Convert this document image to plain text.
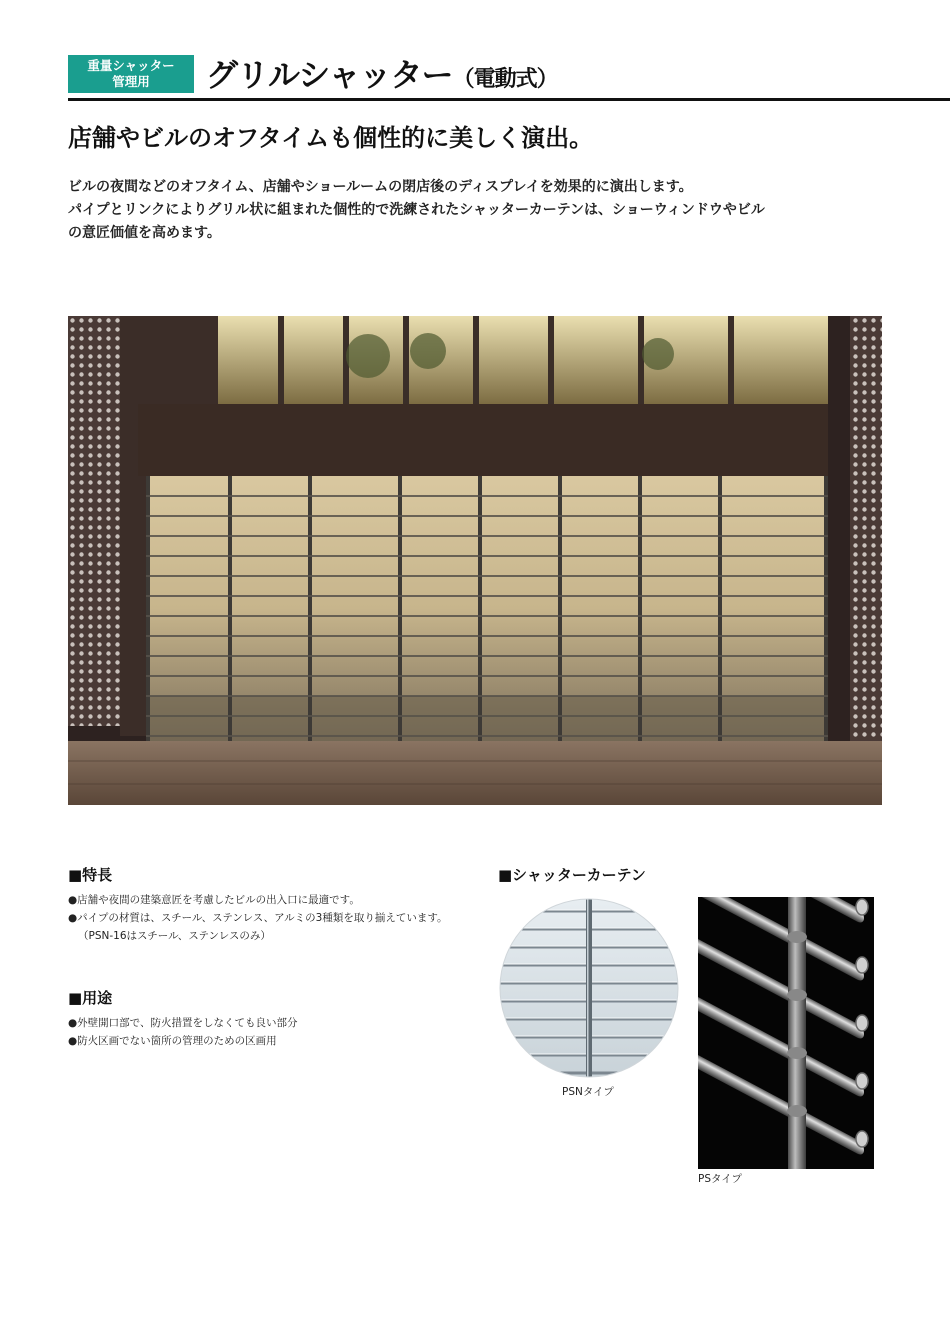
重量シャッター
管理用	グリルシャッター（電動式）
店舗やビルのオフタイムも個性的に美しく演出。

ビルの夜間などのオフタイム、店舗やショールームの閉店後のディスプレイを効果的に演出します。

パイプとリンクによりグリル状に組まれた個性的で洗練されたシャッターカーテンは、ショーウィンドウやビル

の意匠価値を高めます。

■特長
●店舗や夜間の建築意匠を考慮したビルの出入口に最適です。
●パイプの材質は、スチール、ステンレス、アルミの3種類を取り揃えています。
（PSN-16はスチール、ステンレスのみ）
■用途
●外壁開口部で、防火措置をしなくても良い部分
●防火区画でない箇所の管理のための区画用
■シャッターカーテン
PSNタイプ
PSタイプ
